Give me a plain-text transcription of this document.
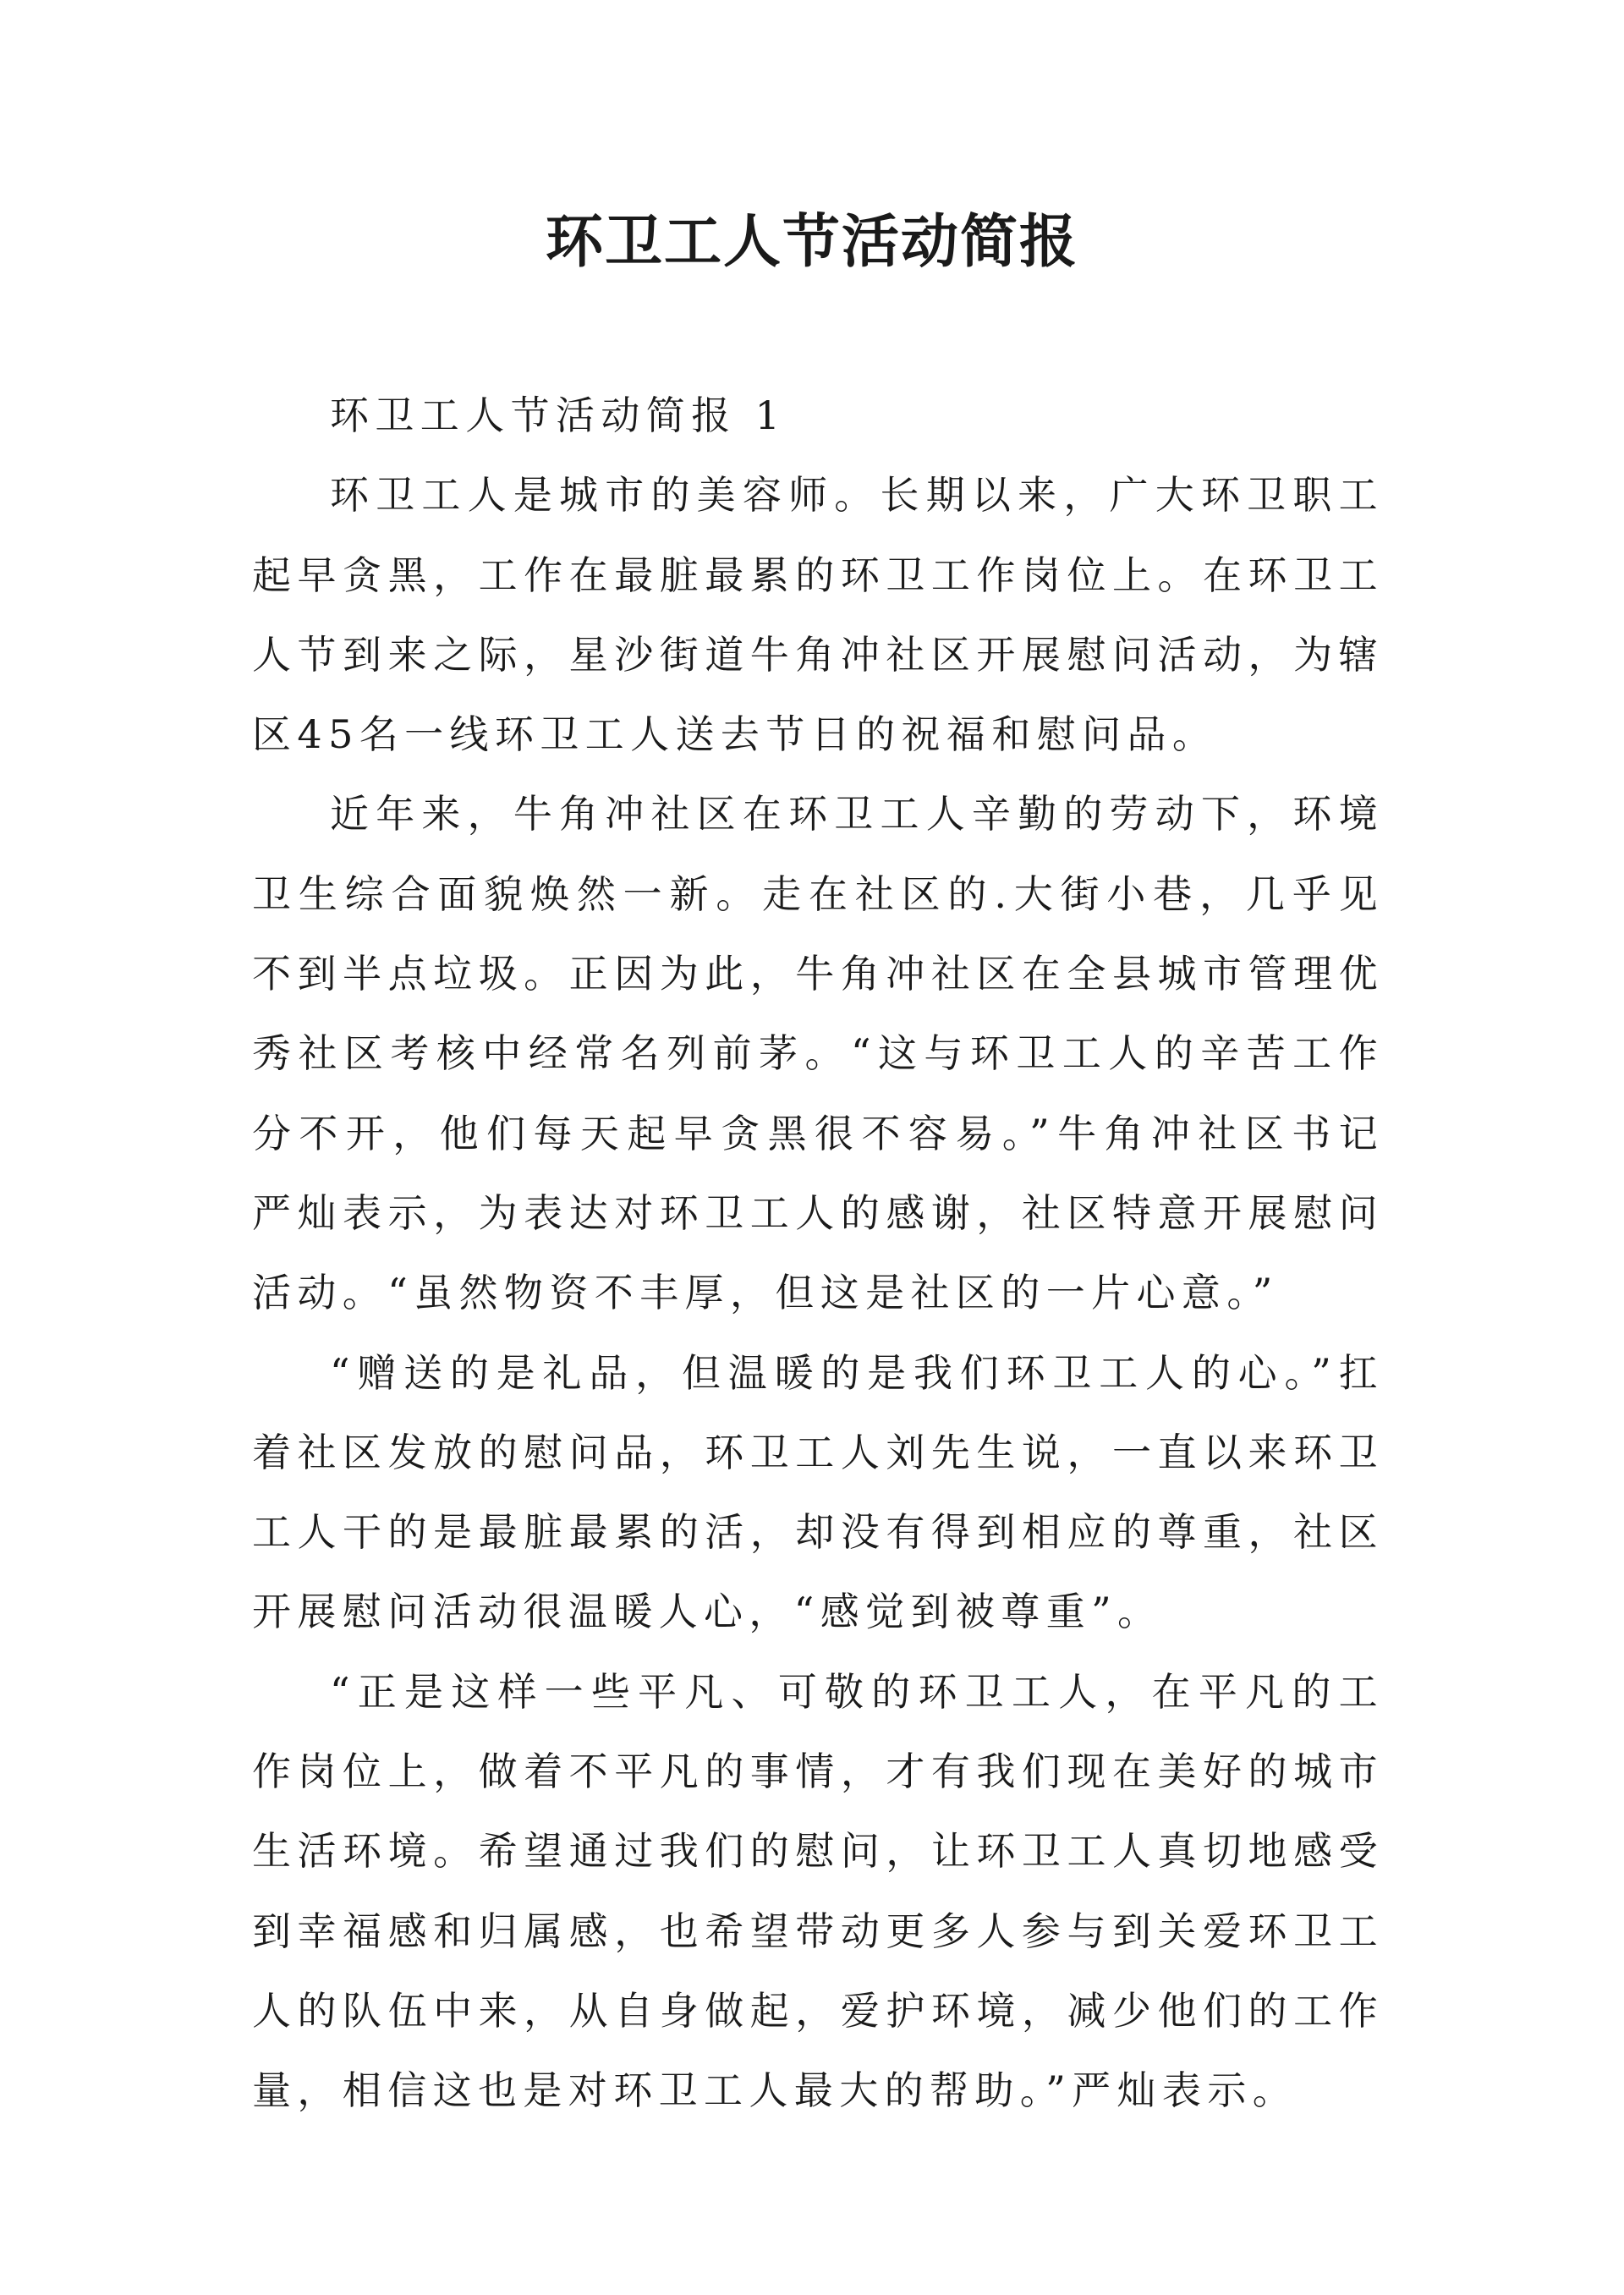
环卫工人节活动简报

环卫工人节活动简报 1

环卫工人是城市的美容师。长期以来，广大环卫职工起早贪黑，工作在最脏最累的环卫工作岗位上。在环卫工人节到来之际，星沙街道牛角冲社区开展慰问活动，为辖区45名一线环卫工人送去节日的祝福和慰问品。

近年来，牛角冲社区在环卫工人辛勤的劳动下，环境卫生综合面貌焕然一新。走在社区的.大街小巷，几乎见不到半点垃圾。正因为此，牛角冲社区在全县城市管理优秀社区考核中经常名列前茅。“这与环卫工人的辛苦工作分不开，他们每天起早贪黑很不容易。”牛角冲社区书记严灿表示，为表达对环卫工人的感谢，社区特意开展慰问活动。“虽然物资不丰厚，但这是社区的一片心意。”

“赠送的是礼品，但温暖的是我们环卫工人的心。”扛着社区发放的慰问品，环卫工人刘先生说，一直以来环卫工人干的是最脏最累的活，却没有得到相应的尊重，社区开展慰问活动很温暖人心，“感觉到被尊重”。

“正是这样一些平凡、可敬的环卫工人，在平凡的工作岗位上，做着不平凡的事情，才有我们现在美好的城市生活环境。希望通过我们的慰问，让环卫工人真切地感受到幸福感和归属感，也希望带动更多人参与到关爱环卫工人的队伍中来，从自身做起，爱护环境，减少他们的工作量，相信这也是对环卫工人最大的帮助。”严灿表示。
